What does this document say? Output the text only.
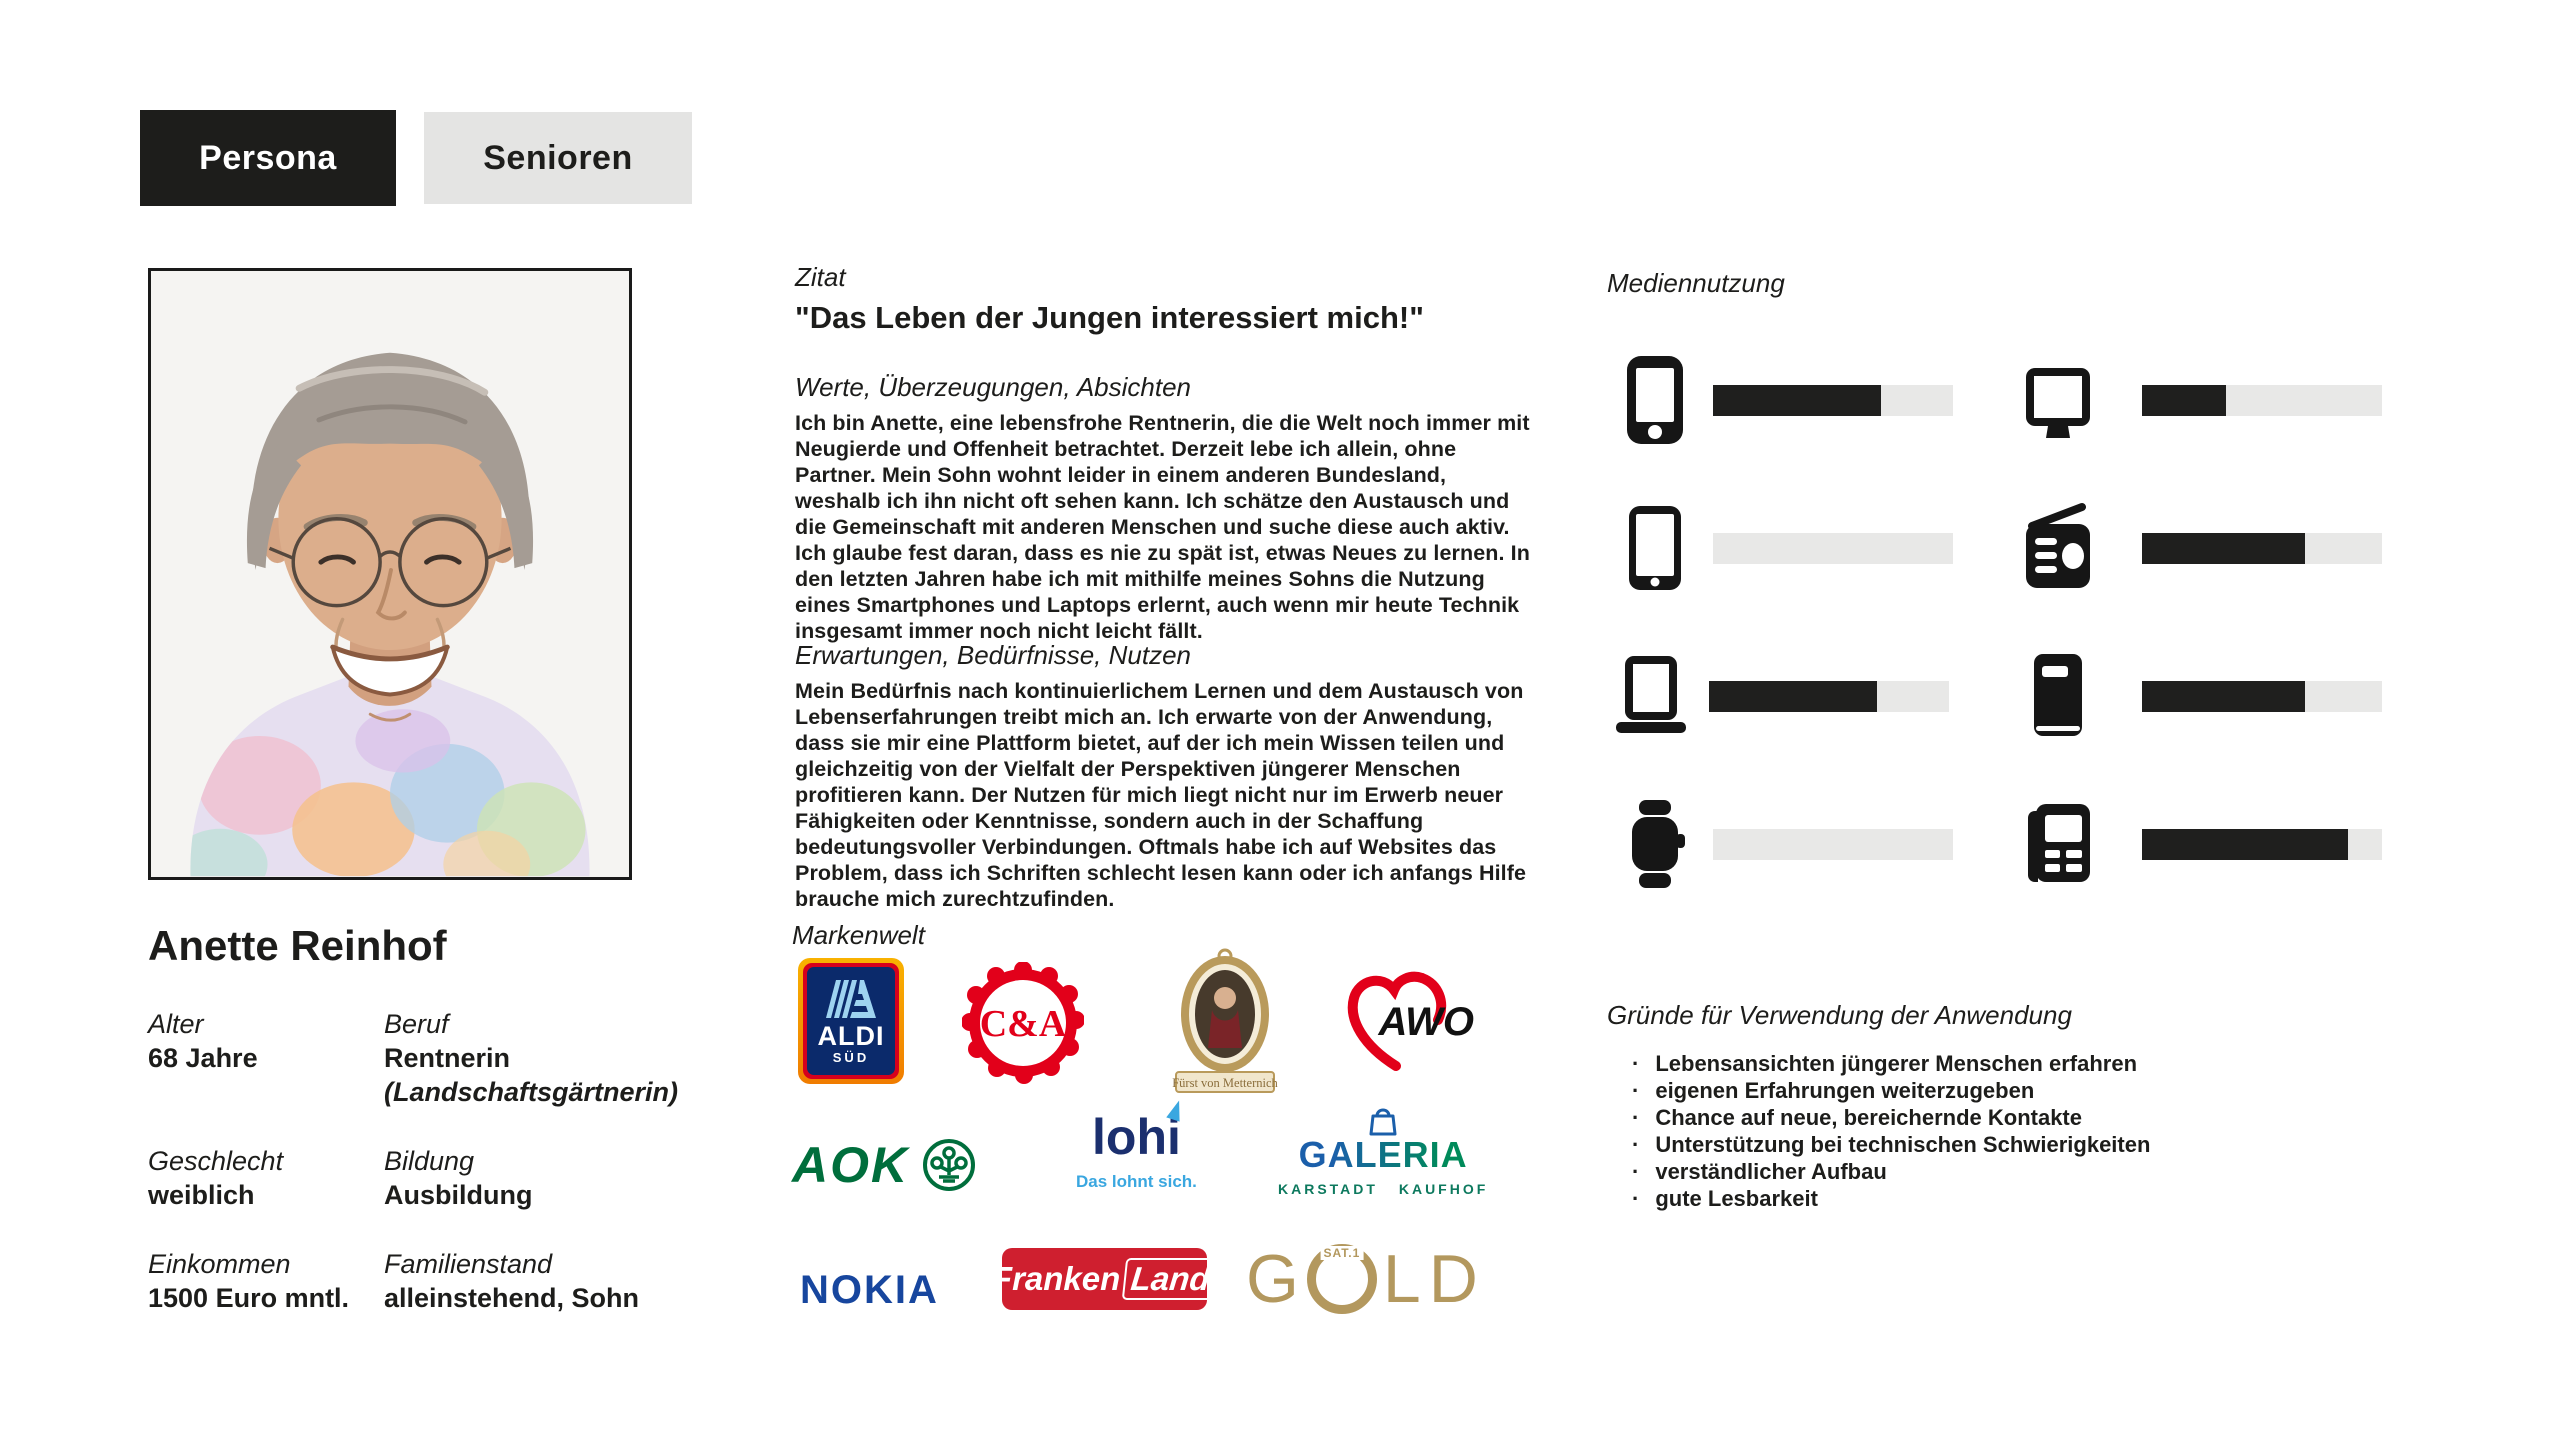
Persona	Senioren
Anette Reinhof
Alter
68 Jahre
Beruf
Rentnerin
(Landschaftsgärtnerin)
Geschlecht
weiblich
Bildung
Ausbildung
Einkommen
1500 Euro mntl.
Familienstand
alleinstehend, Sohn
Zitat
"Das Leben der Jungen interessiert mich!"
Werte, Überzeugungen, Absichten
Ich bin Anette, eine lebensfrohe Rentnerin, die die Welt noch immer mit Neugierde und Offenheit betrachtet. Derzeit lebe ich allein, ohne Partner. Mein Sohn wohnt leider in einem anderen Bundesland, weshalb ich ihn nicht oft sehen kann. Ich schätze den Austausch und die Gemeinschaft mit anderen Menschen und suche diese auch aktiv. Ich glaube fest daran, dass es nie zu spät ist, etwas Neues zu lernen. In den letzten Jahren habe ich mit mithilfe meines Sohns die Nutzung eines Smartphones und Laptops erlernt, auch wenn mir heute Technik insgesamt immer noch nicht leicht fällt.
Erwartungen, Bedürfnisse, Nutzen
Mein Bedürfnis nach kontinuierlichem Lernen und dem Austausch von Lebenserfahrungen treibt mich an. Ich erwarte von der Anwendung, dass sie mir eine Plattform bietet, auf der ich mein Wissen teilen und gleichzeitig von der Vielfalt der Perspektiven jüngerer Menschen profitieren kann. Der Nutzen für mich liegt nicht nur im Erwerb neuer Fähigkeiten oder Kenntnisse, sondern auch in der Schaffung bedeutungsvoller Verbindungen. Oftmals habe ich auf Websites das Problem, dass ich Schriften schlecht lesen kann oder ich anfangs Hilfe brauche mich zurechtzufinden.
Markenwelt
ALDI
SÜD
C&A
Fürst von Metternich
AWO
AOK	lohi
Das lohnt sich.
GALERIA
KARSTADT KAUFHOF
NOKIA Franken Land G SAT.1 LD
Mediennutzung
Gründe für Verwendung der Anwendung
· Lebensansichten jüngerer Menschen erfahren
· eigenen Erfahrungen weiterzugeben
· Chance auf neue, bereichernde Kontakte
· Unterstützung bei technischen Schwierigkeiten
· verständlicher Aufbau
· gute Lesbarkeit
